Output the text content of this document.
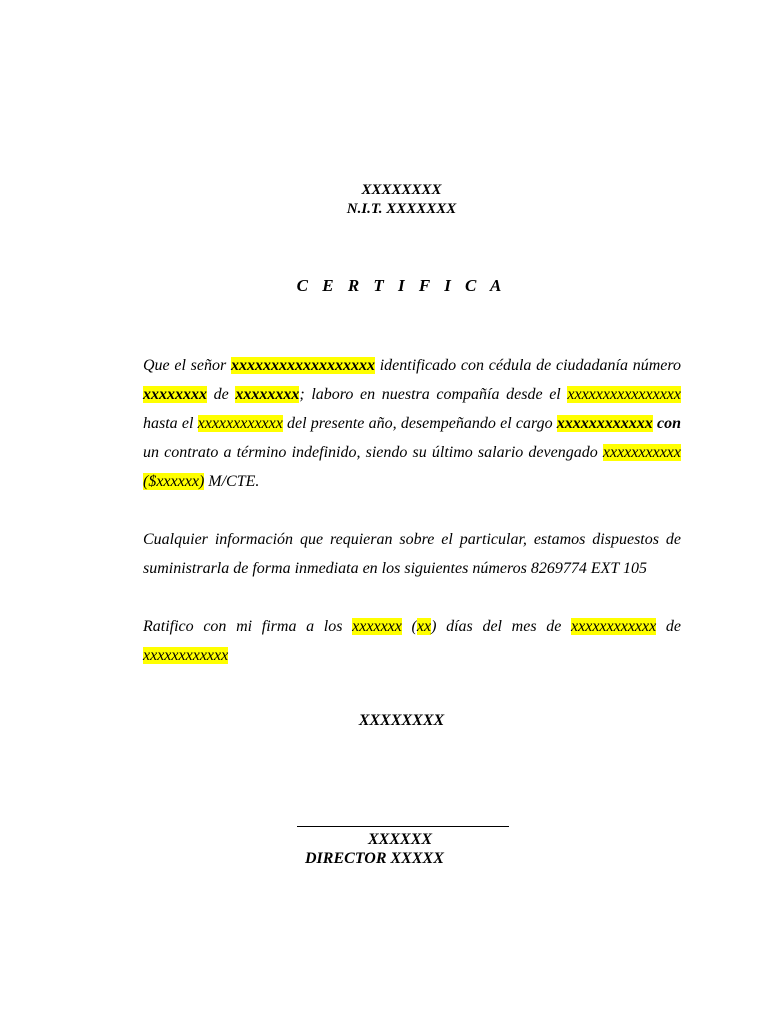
XXXXXXXX
N.I.T. XXXXXXX
C E R T I F I C A
Que el señor xxxxxxxxxxxxxxxxxx identificado con cédula de ciudadanía número xxxxxxxx de xxxxxxxx; laboro en nuestra compañía desde el xxxxxxxxxxxxxxxx hasta el xxxxxxxxxxxx del presente año, desempeñando el cargo xxxxxxxxxxxx con un contrato a término indefinido, siendo su último salario devengado xxxxxxxxxxx ($xxxxxx) M/CTE.
Cualquier información que requieran sobre el particular, estamos dispuestos de suministrarla de forma inmediata en los siguientes números 8269774 EXT 105
Ratifico con mi firma a los xxxxxxx (xx) días del mes de xxxxxxxxxxxx de xxxxxxxxxxxx
XXXXXXXX
XXXXXX
DIRECTOR XXXXX
